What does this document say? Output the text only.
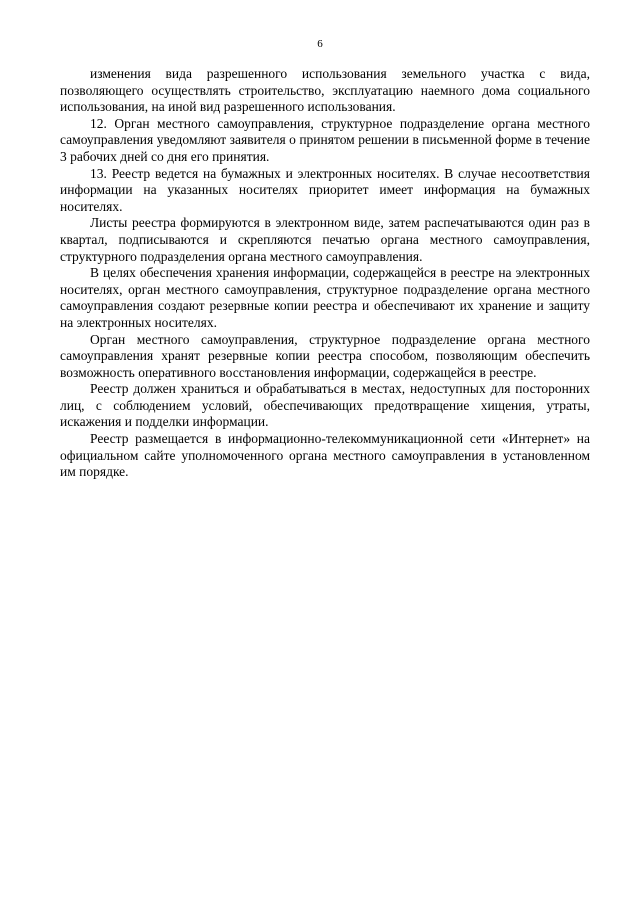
6

изменения вида разрешенного использования земельного участка с вида, позволяющего осуществлять строительство, эксплуатацию наемного дома социального использования, на иной вид разрешенного использования.

12. Орган местного самоуправления, структурное подразделение органа местного самоуправления уведомляют заявителя о принятом решении в письменной форме в течение 3 рабочих дней со дня его принятия.

13. Реестр ведется на бумажных и электронных носителях. В случае несоответствия информации на указанных носителях приоритет имеет информация на бумажных носителях.

Листы реестра формируются в электронном виде, затем распечатываются один раз в квартал, подписываются и скрепляются печатью органа местного самоуправления, структурного подразделения органа местного самоуправления.

В целях обеспечения хранения информации, содержащейся в реестре на электронных носителях, орган местного самоуправления, структурное подразделение органа местного самоуправления создают резервные копии реестра и обеспечивают их хранение и защиту на электронных носителях.

Орган местного самоуправления, структурное подразделение органа местного самоуправления хранят резервные копии реестра способом, позволяющим обеспечить возможность оперативного восстановления информации, содержащейся в реестре.

Реестр должен храниться и обрабатываться в местах, недоступных для посторонних лиц, с соблюдением условий, обеспечивающих предотвращение хищения, утраты, искажения и подделки информации.

Реестр размещается в информационно-телекоммуникационной сети «Интернет» на официальном сайте уполномоченного органа местного самоуправления в установленном им порядке.
